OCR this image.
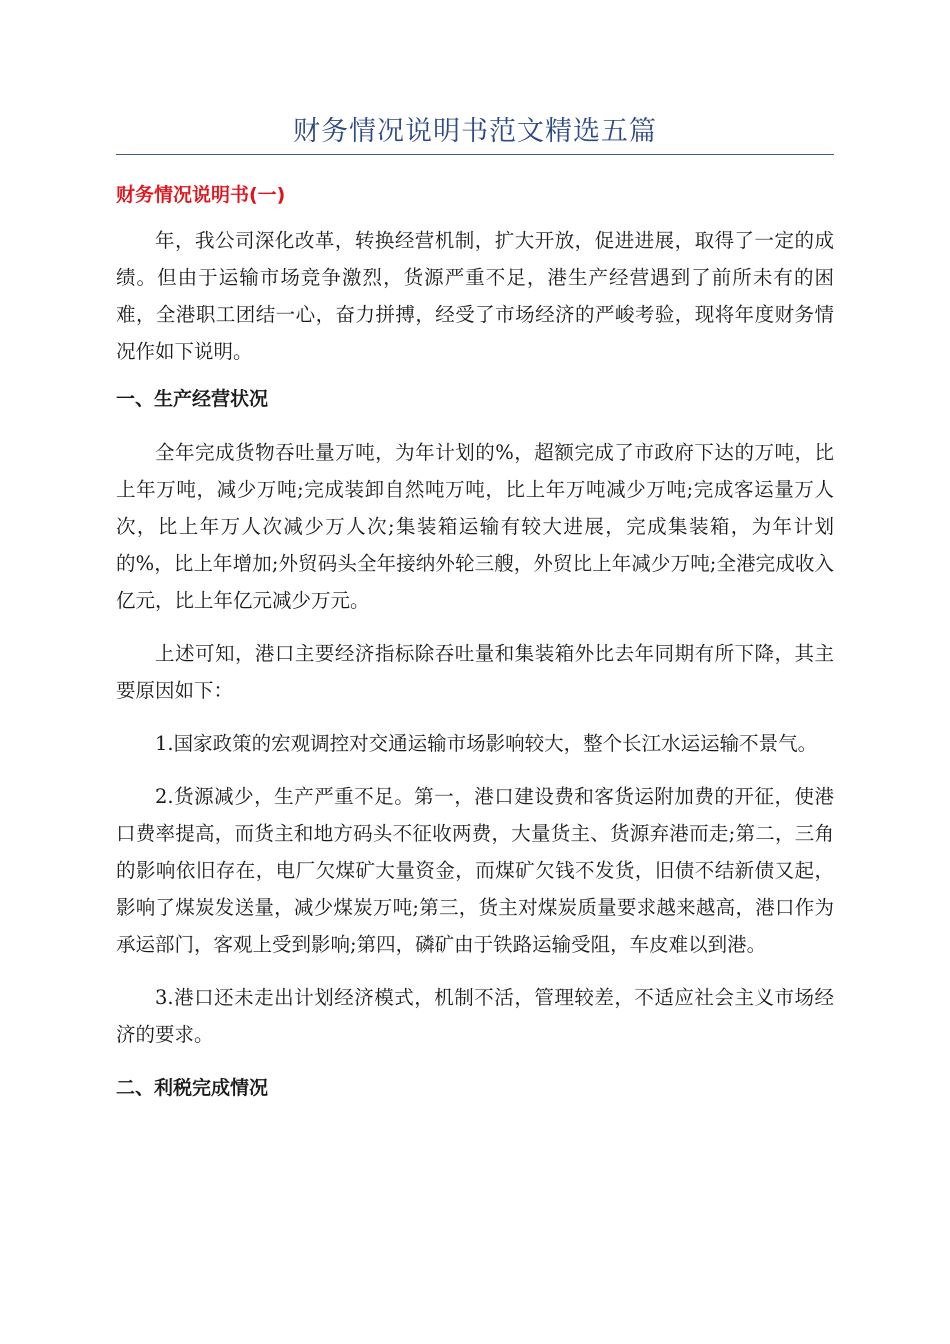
财务情况说明书范文精选五篇
财务情况说明书(一)

年，我公司深化改革，转换经营机制，扩大开放，促进进展，取得了一定的成绩。但由于运输市场竞争激烈，货源严重不足，港生产经营遇到了前所未有的困难，全港职工团结一心，奋力拼搏，经受了市场经济的严峻考验，现将年度财务情况作如下说明。

一、生产经营状况

全年完成货物吞吐量万吨，为年计划的%，超额完成了市政府下达的万吨，比上年万吨，减少万吨;完成装卸自然吨万吨，比上年万吨减少万吨;完成客运量万人次，比上年万人次减少万人次;集装箱运输有较大进展，完成集装箱，为年计划的%，比上年增加;外贸码头全年接纳外轮三艘，外贸比上年减少万吨;全港完成收入亿元，比上年亿元减少万元。

上述可知，港口主要经济指标除吞吐量和集装箱外比去年同期有所下降，其主要原因如下：

1.国家政策的宏观调控对交通运输市场影响较大，整个长江水运运输不景气。

2.货源减少，生产严重不足。第一，港口建设费和客货运附加费的开征，使港口费率提高，而货主和地方码头不征收两费，大量货主、货源弃港而走;第二，三角的影响依旧存在，电厂欠煤矿大量资金，而煤矿欠钱不发货，旧债不结新债又起，影响了煤炭发送量，减少煤炭万吨;第三，货主对煤炭质量要求越来越高，港口作为承运部门，客观上受到影响;第四，磷矿由于铁路运输受阻，车皮难以到港。

3.港口还未走出计划经济模式，机制不活，管理较差，不适应社会主义市场经济的要求。

二、利税完成情况
